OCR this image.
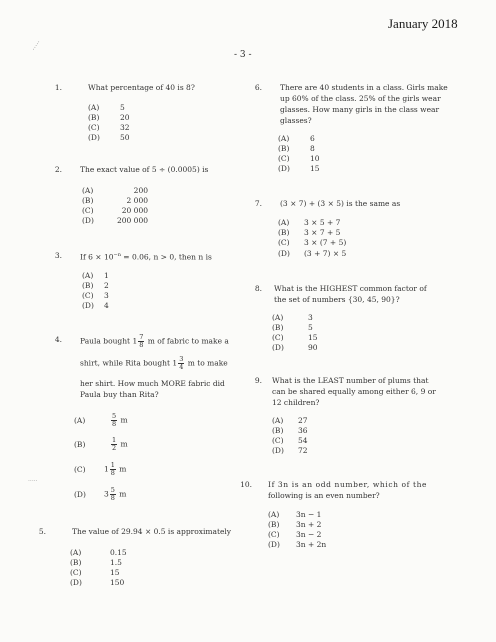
January 2018
- 3 -
·····
·····
1.	What percentage of 40 is 8?
(A)	5
(B)	20
(C)	32
(D)	50
2. The exact value of 5 ÷ (0.0005) is
(A)	200
(B)	2 000
(C)	20 000
(D)	200 000
3. If $6 \times 10^{-n} = 0.06$, n > 0, then n is
(A) 1
(B) 2
(C) 3
(D) 4
4. Paula bought $1 \frac{7}{8}$ m of fabric to make a
shirt, while Rita bought $1 \frac{3}{4}$ m to make
her shirt. How much MORE fabric did
Paula buy than Rita?
(A)	$\frac{5}{8}$ m
(B)	$\frac{1}{2}$ m
(C) $1 \frac{1}{8}$ m
(D) $3 \frac{5}{8}$ m
5.	The value of 29.94 × 0.5 is approximately
(A)	0.15
(B)	1.5
(C)	15
(D)	150
6. There are 40 students in a class. Girls make
up 60% of the class. 25% of the girls wear
glasses. How many girls in the class wear
glasses?
(A)	6
(B)	8
(C)	10
(D)	15
7. (3 × 7) + (3 × 5) is the same as
(A) 3 × 5 + 7
(B) 3 × 7 + 5
(C) 3 × (7 + 5)
(D) (3 + 7) × 5
8. What is the HIGHEST common factor of
the set of numbers {30, 45, 90}?
(A)	3
(B)	5
(C)	15
(D)	90
9. What is the LEAST number of plums that
can be shared equally among either 6, 9 or
12 children?
(A) 27
(B) 36
(C) 54
(D) 72
10. If 3n is an odd number, which of the
following is an even number?
(A) 3n − 1
(B) 3n + 2
(C) 3n − 2
(D) 3n + 2n
